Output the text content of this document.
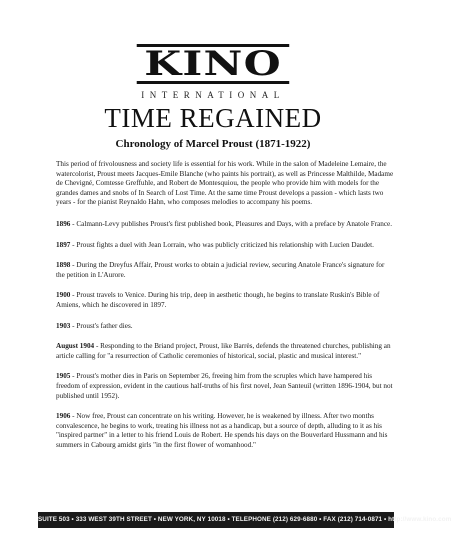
KINO
INTERNATIONAL
TIME REGAINED
Chronology of Marcel Proust (1871-1922)

This period of frivolousness and society life is essential for his work. While in the salon of Madeleine Lemaire, the watercolorist, Proust meets Jacques-Emile Blanche (who paints his portrait), as well as Princesse Malthilde, Madame de Chevigné, Comtesse Greffuhle, and Robert de Montesquiou, the people who provide him with models for the grandes dames and snobs of In Search of Lost Time. At the same time Proust develops a passion - which lasts two years - for the pianist Reynaldo Hahn, who composes melodies to accompany his poems.

1896 - Calmann-Levy publishes Proust's first published book, Pleasures and Days, with a preface by Anatole France.

1897 - Proust fights a duel with Jean Lorrain, who was publicly criticized his relationship with Lucien Daudet.

1898 - During the Dreyfus Affair, Proust works to obtain a judicial review, securing Anatole France's signature for the petition in L'Aurore.

1900 - Proust travels to Venice. During his trip, deep in aesthetic though, he begins to translate Ruskin's Bible of Amiens, which he discovered in 1897.

1903 - Proust's father dies.

August 1904 - Responding to the Briand project, Proust, like Barrès, defends the threatened churches, publishing an article calling for "a resurrection of Catholic ceremonies of historical, social, plastic and musical interest."

1905 - Proust's mother dies in Paris on September 26, freeing him from the scruples which have hampered his freedom of expression, evident in the cautious half-truths of his first novel, Jean Santeuil (written 1896-1904, but not published until 1952).

1906 - Now free, Proust can concentrate on his writing. However, he is weakened by illness. After two months convalescence, he begins to work, treating his illness not as a handicap, but a source of depth, alluding to it as his "inspired partner" in a letter to his friend Louis de Robert. He spends his days on the Bouverlard Hussmann and his summers in Cabourg amidst girls "in the first flower of womanhood."

SUITE 503 • 333 WEST 39TH STREET • NEW YORK, NY 10018 • TELEPHONE (212) 629-6880 • FAX (212) 714-0871 • http://www.kino.com
